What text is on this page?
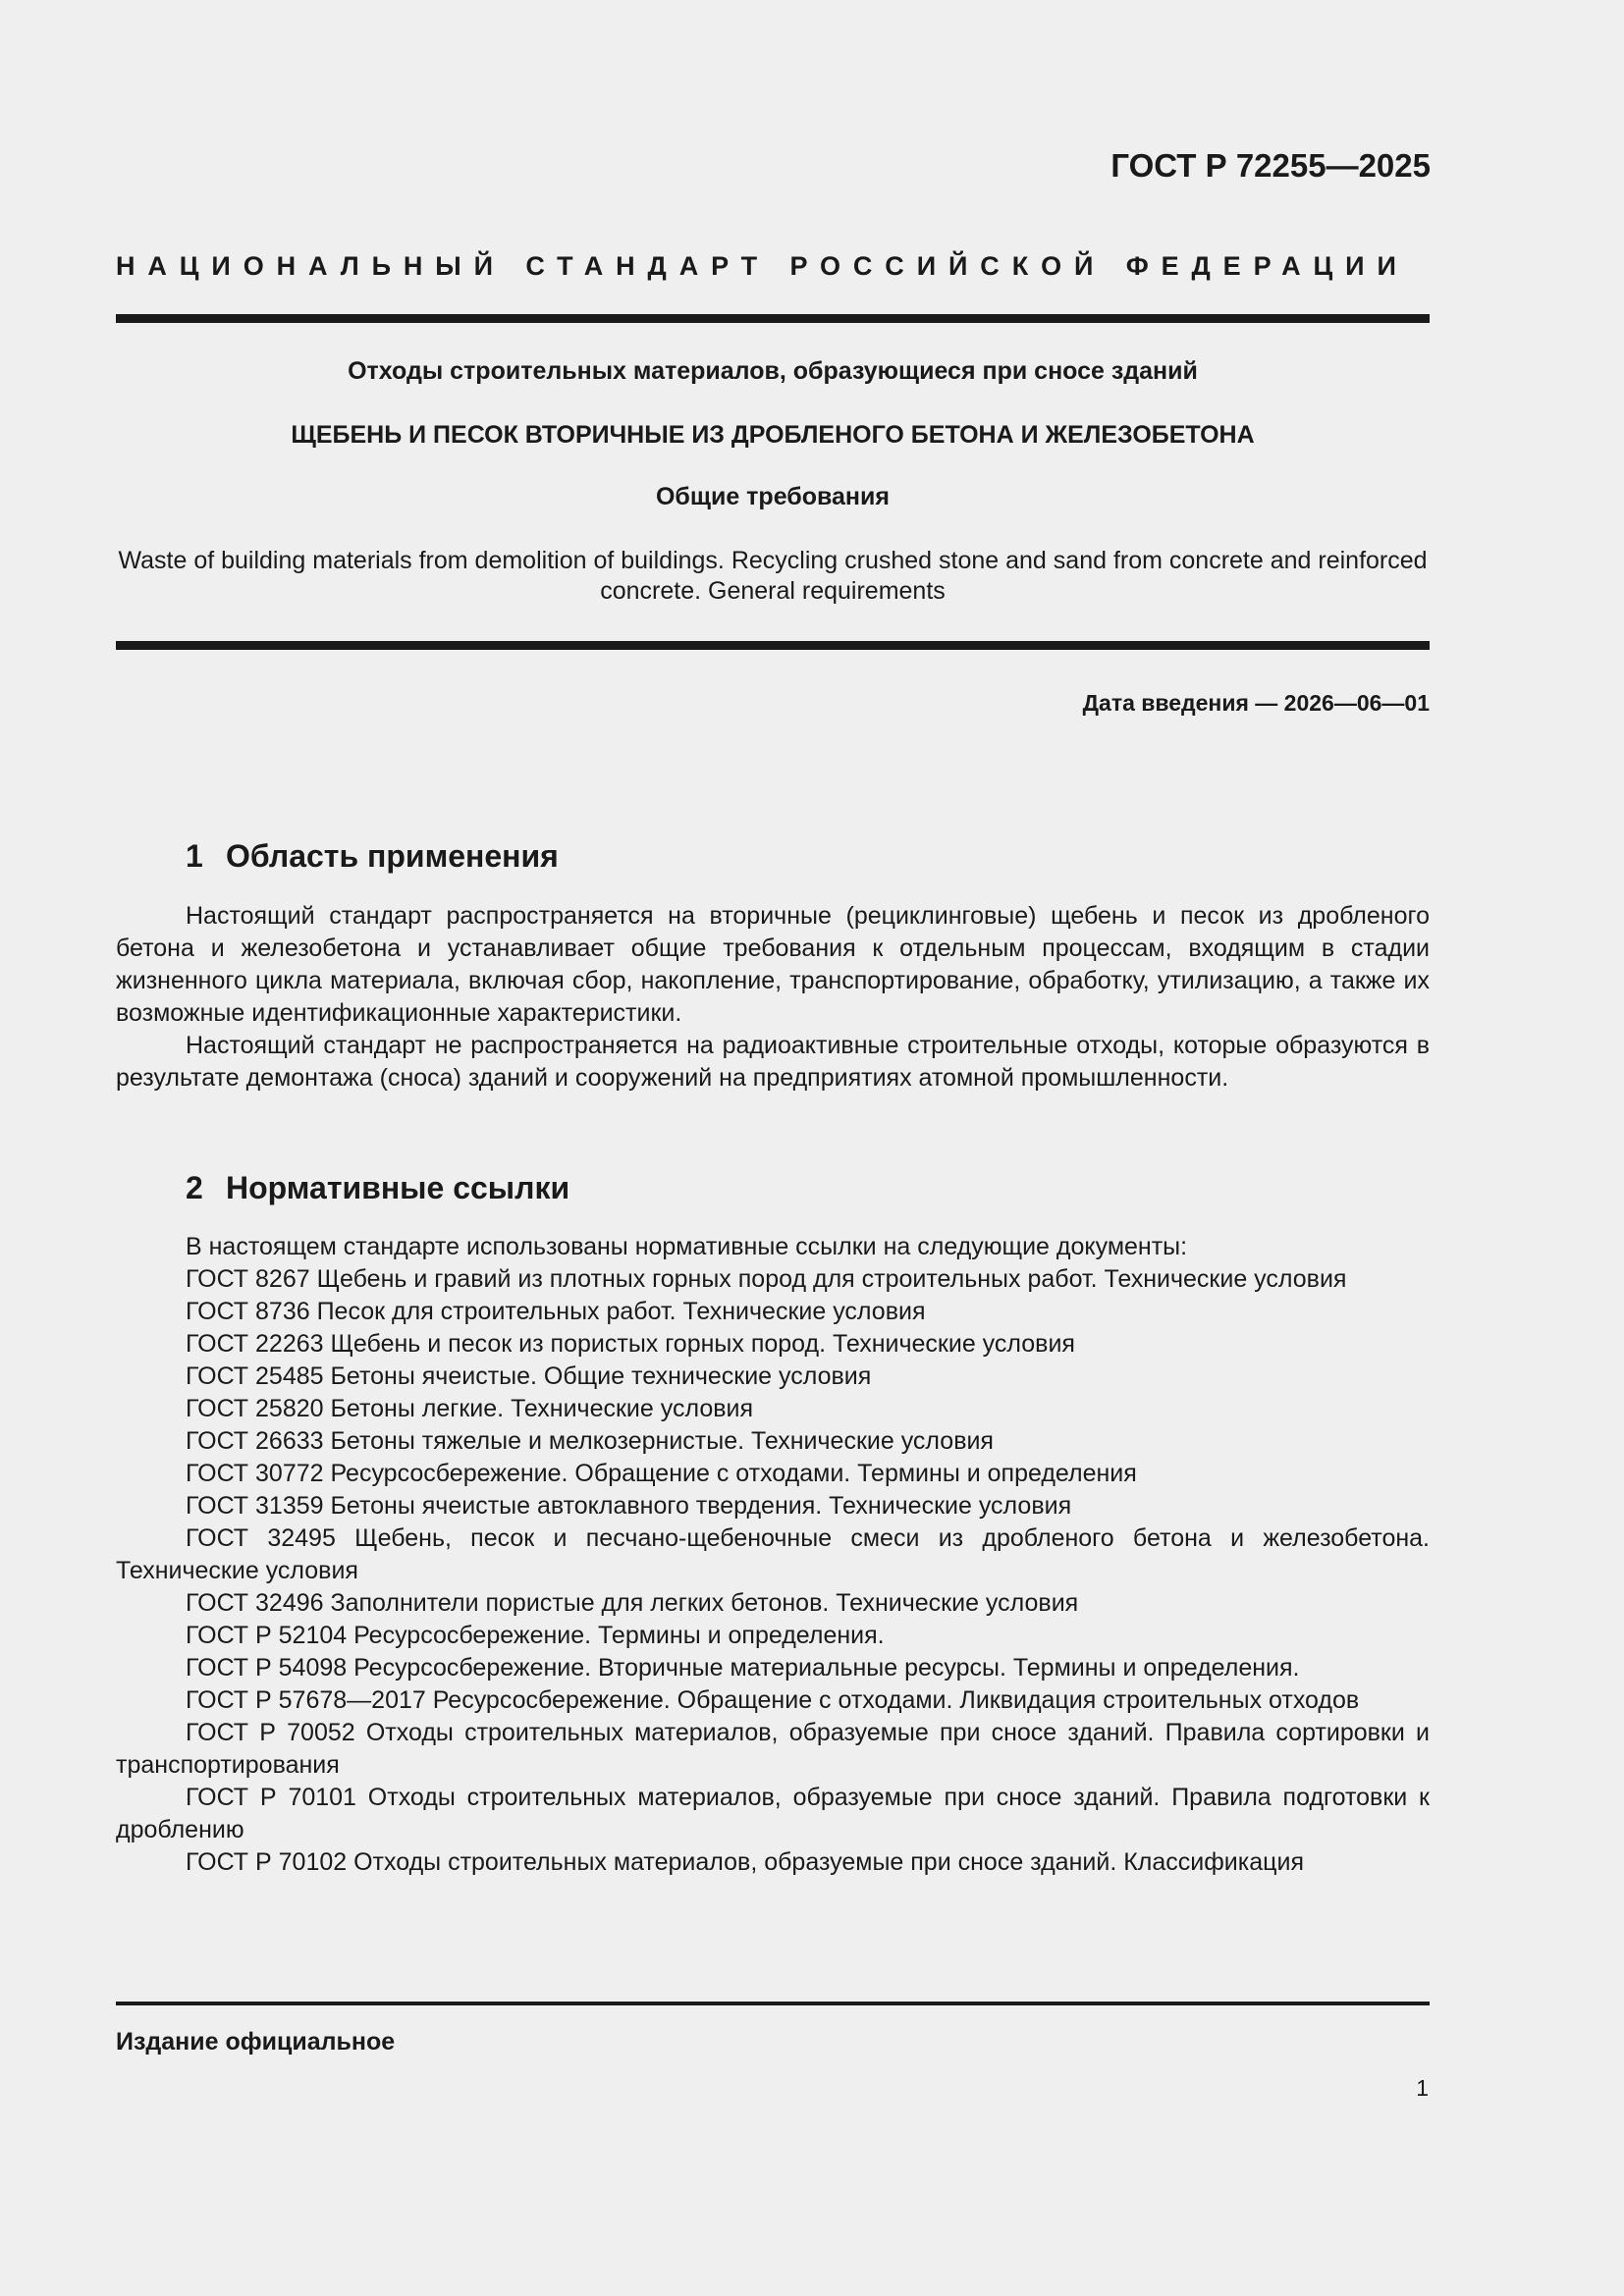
ГОСТ Р 72255—2025
НАЦИОНАЛЬНЫЙ СТАНДАРТ РОССИЙСКОЙ ФЕДЕРАЦИИ
Отходы строительных материалов, образующиеся при сносе зданий
ЩЕБЕНЬ И ПЕСОК ВТОРИЧНЫЕ ИЗ ДРОБЛЕНОГО БЕТОНА И ЖЕЛЕЗОБЕТОНА
Общие требования
Waste of building materials from demolition of buildings. Recycling crushed stone and sand from concrete and reinforced concrete. General requirements
Дата введения — 2026—06—01
1 Область применения

Настоящий стандарт распространяется на вторичные (рециклинговые) щебень и песок из дробленого бетона и железобетона и устанавливает общие требования к отдельным процессам, входящим в стадии жизненного цикла материала, включая сбор, накопление, транспортирование, обработку, утилизацию, а также их возможные идентификационные характеристики.

Настоящий стандарт не распространяется на радиоактивные строительные отходы, которые образуются в результате демонтажа (сноса) зданий и сооружений на предприятиях атомной промышленности.

2 Нормативные ссылки

В настоящем стандарте использованы нормативные ссылки на следующие документы:

ГОСТ 8267 Щебень и гравий из плотных горных пород для строительных работ. Технические условия

ГОСТ 8736 Песок для строительных работ. Технические условия

ГОСТ 22263 Щебень и песок из пористых горных пород. Технические условия

ГОСТ 25485 Бетоны ячеистые. Общие технические условия

ГОСТ 25820 Бетоны легкие. Технические условия

ГОСТ 26633 Бетоны тяжелые и мелкозернистые. Технические условия

ГОСТ 30772 Ресурсосбережение. Обращение с отходами. Термины и определения

ГОСТ 31359 Бетоны ячеистые автоклавного твердения. Технические условия

ГОСТ 32495 Щебень, песок и песчано-щебеночные смеси из дробленого бетона и железобетона. Технические условия

ГОСТ 32496 Заполнители пористые для легких бетонов. Технические условия

ГОСТ Р 52104 Ресурсосбережение. Термины и определения.

ГОСТ Р 54098 Ресурсосбережение. Вторичные материальные ресурсы. Термины и определения.

ГОСТ Р 57678—2017 Ресурсосбережение. Обращение с отходами. Ликвидация строительных отходов

ГОСТ Р 70052 Отходы строительных материалов, образуемые при сносе зданий. Правила сортировки и транспортирования

ГОСТ Р 70101 Отходы строительных материалов, образуемые при сносе зданий. Правила подготовки к дроблению

ГОСТ Р 70102 Отходы строительных материалов, образуемые при сносе зданий. Классификация

Издание официальное
1
